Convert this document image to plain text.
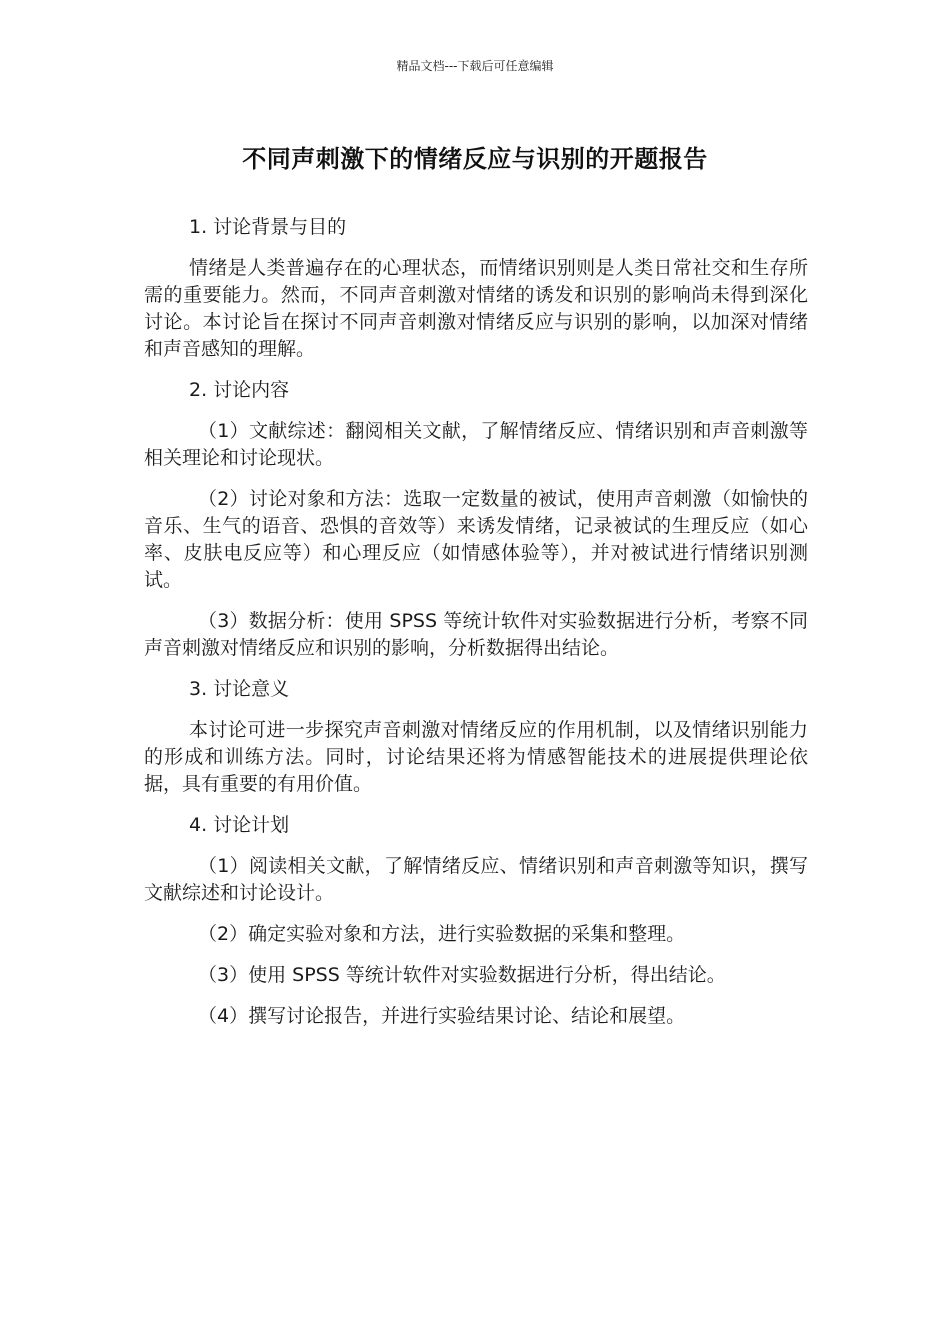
精品文档---下载后可任意编辑
不同声刺激下的情绪反应与识别的开题报告

1. 讨论背景与目的

情绪是人类普遍存在的心理状态，而情绪识别则是人类日常社交和生存所需的重要能力。然而，不同声音刺激对情绪的诱发和识别的影响尚未得到深化讨论。本讨论旨在探讨不同声音刺激对情绪反应与识别的影响，以加深对情绪和声音感知的理解。

2. 讨论内容

（1）文献综述：翻阅相关文献，了解情绪反应、情绪识别和声音刺激等相关理论和讨论现状。

（2）讨论对象和方法：选取一定数量的被试，使用声音刺激（如愉快的音乐、生气的语音、恐惧的音效等）来诱发情绪，记录被试的生理反应（如心率、皮肤电反应等）和心理反应（如情感体验等），并对被试进行情绪识别测试。

（3）数据分析：使用 SPSS 等统计软件对实验数据进行分析，考察不同声音刺激对情绪反应和识别的影响，分析数据得出结论。

3. 讨论意义

本讨论可进一步探究声音刺激对情绪反应的作用机制，以及情绪识别能力的形成和训练方法。同时，讨论结果还将为情感智能技术的进展提供理论依据，具有重要的有用价值。

4. 讨论计划

（1）阅读相关文献，了解情绪反应、情绪识别和声音刺激等知识，撰写文献综述和讨论设计。

（2）确定实验对象和方法，进行实验数据的采集和整理。

（3）使用 SPSS 等统计软件对实验数据进行分析，得出结论。

（4）撰写讨论报告，并进行实验结果讨论、结论和展望。
